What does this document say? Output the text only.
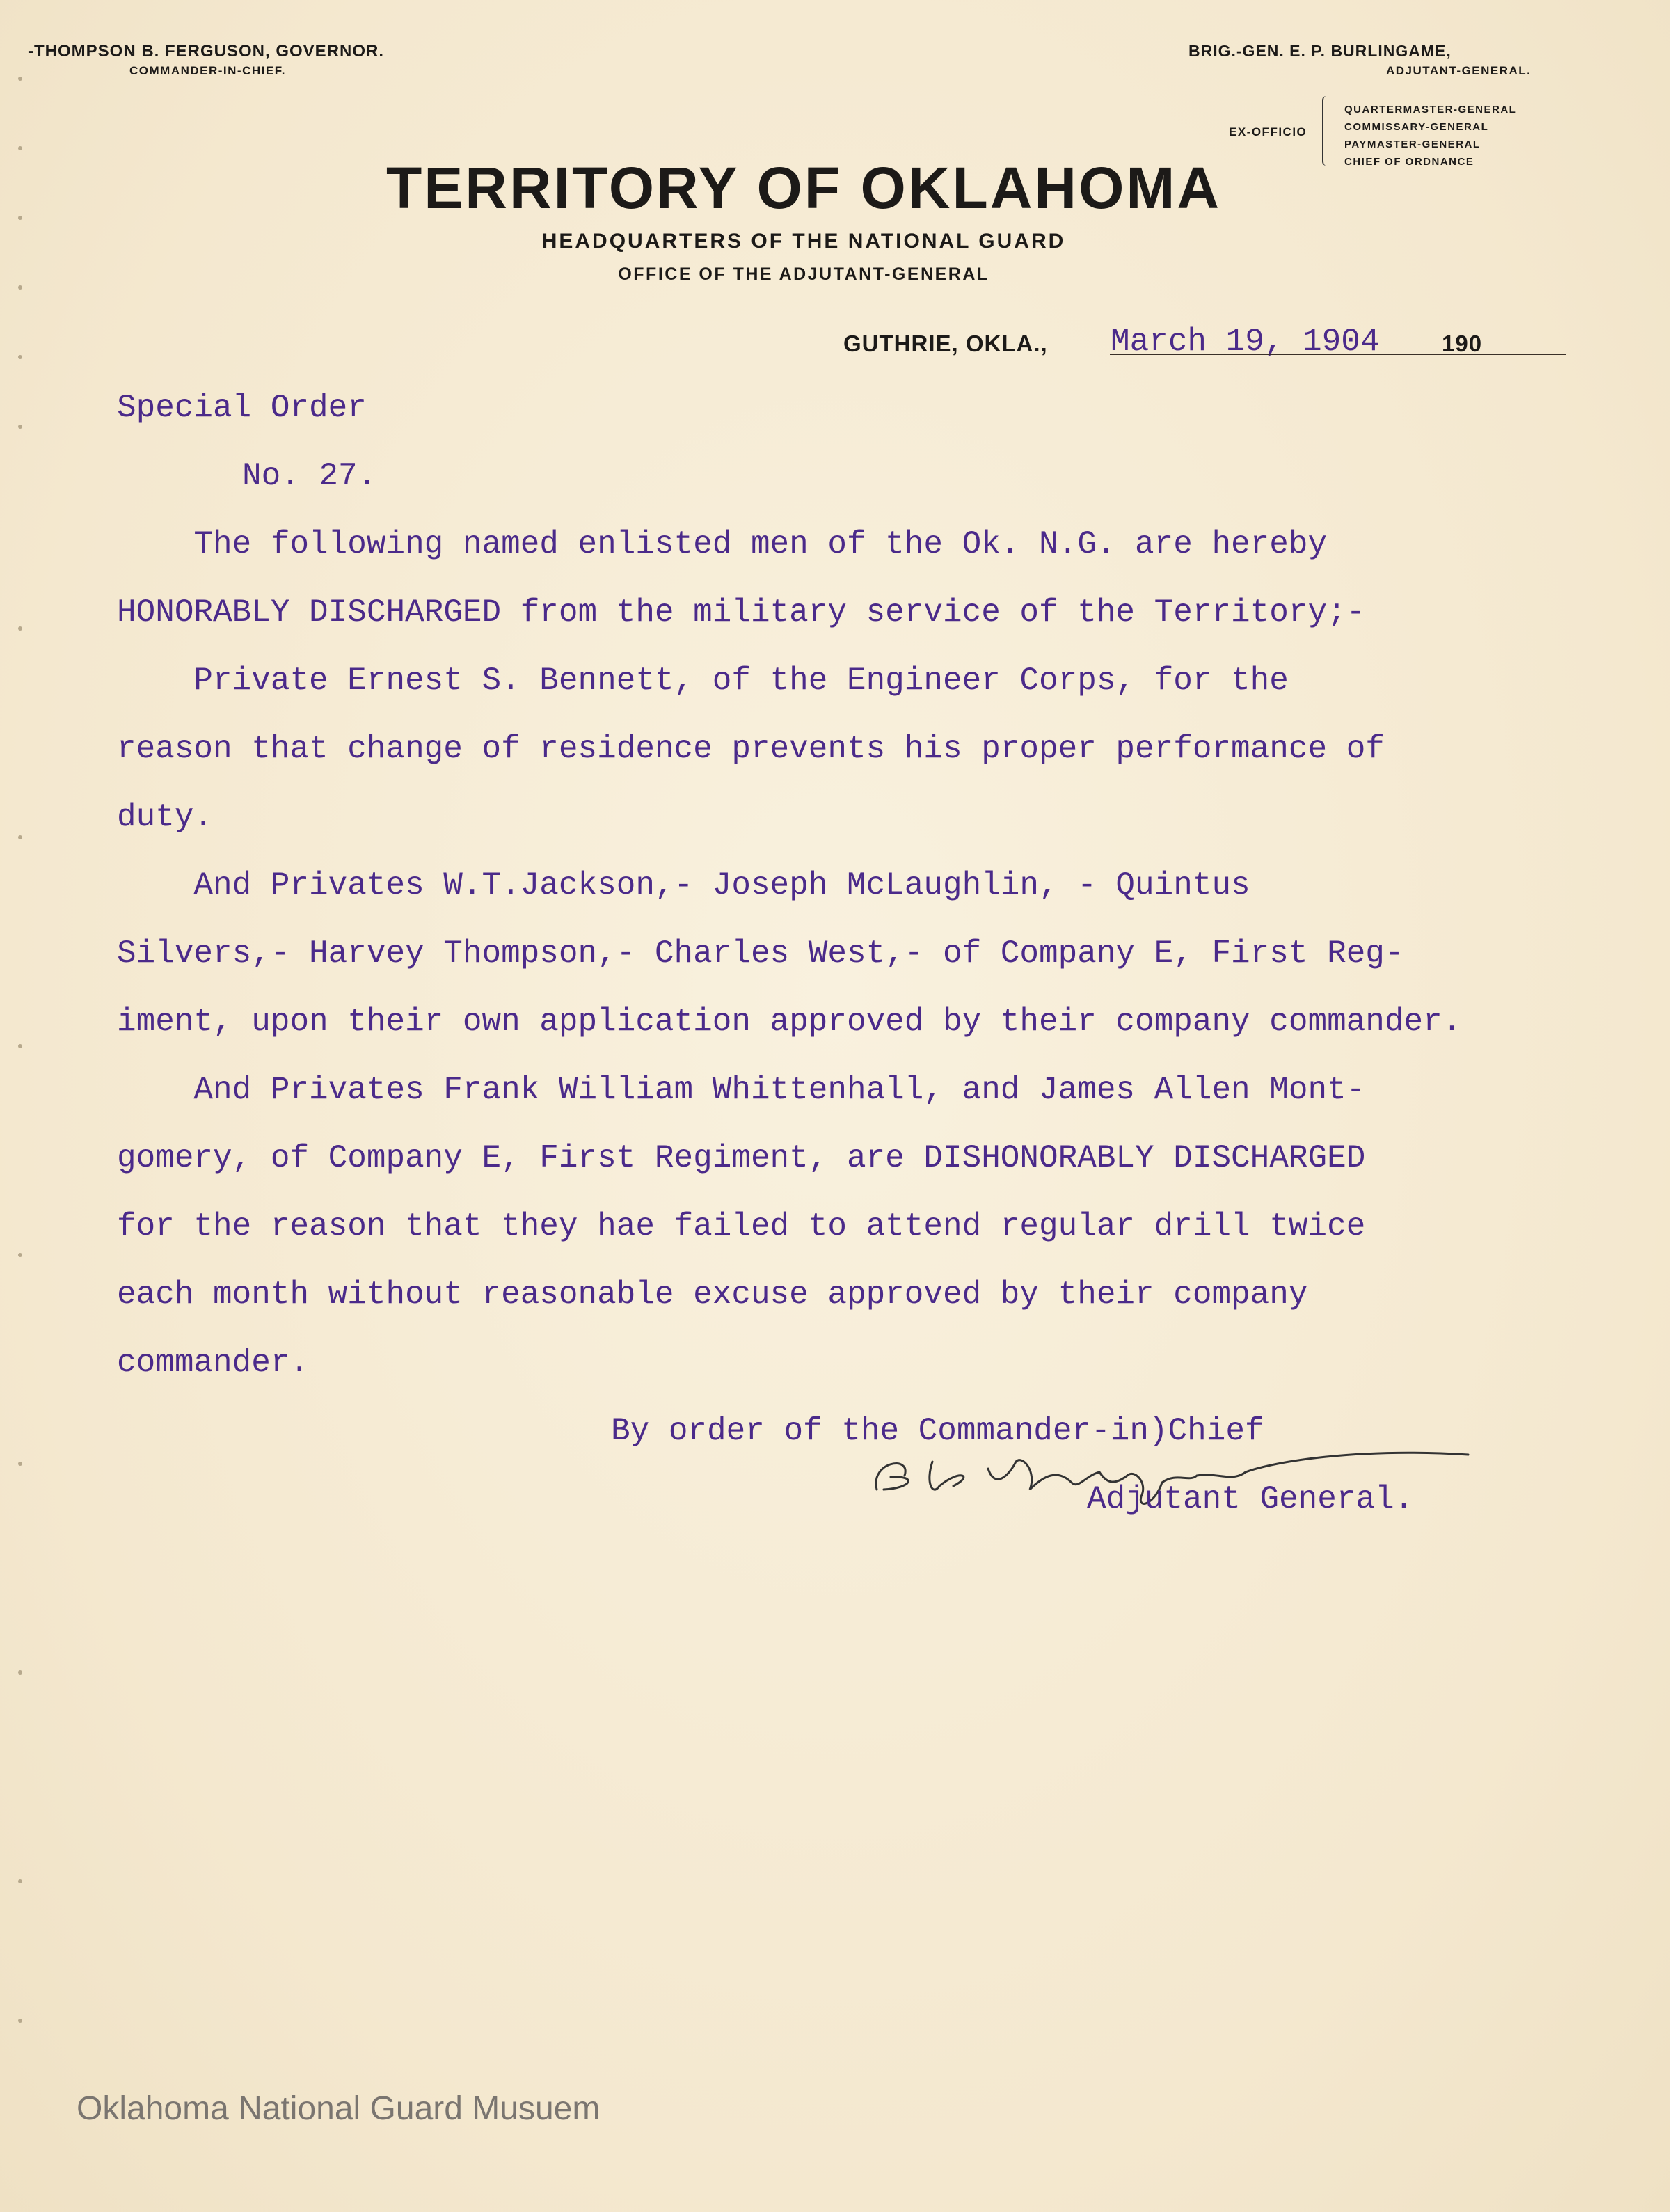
-THOMPSON B. FERGUSON, GOVERNOR.
COMMANDER-IN-CHIEF.
BRIG.-GEN. E. P. BURLINGAME,
ADJUTANT-GENERAL.
EX-OFFICIO
QUARTERMASTER-GENERAL
COMMISSARY-GENERAL
PAYMASTER-GENERAL
CHIEF OF ORDNANCE
TERRITORY OF OKLAHOMA
HEADQUARTERS OF THE NATIONAL GUARD
OFFICE OF THE ADJUTANT-GENERAL
GUTHRIE, OKLA., March 19, 1904	190
Special Order
No. 27.
The following named enlisted men of the Ok. N.G. are hereby
HONORABLY DISCHARGED from the military service of the Territory;-
Private Ernest S. Bennett, of the Engineer Corps, for the
reason that change of residence prevents his proper performance of
duty.
And Privates W.T.Jackson,- Joseph McLaughlin, - Quintus
Silvers,- Harvey Thompson,- Charles West,- of Company E, First Reg-
iment, upon their own application approved by their company commander.
And Privates Frank William Whittenhall, and James Allen Mont-
gomery, of Company E, First Regiment, are DISHONORABLY DISCHARGED
for the reason that they hae failed to attend regular drill twice
each month without reasonable excuse approved by their company
commander.
By order of the Commander-in)Chief
Adjutant General.
Oklahoma National Guard Musuem
